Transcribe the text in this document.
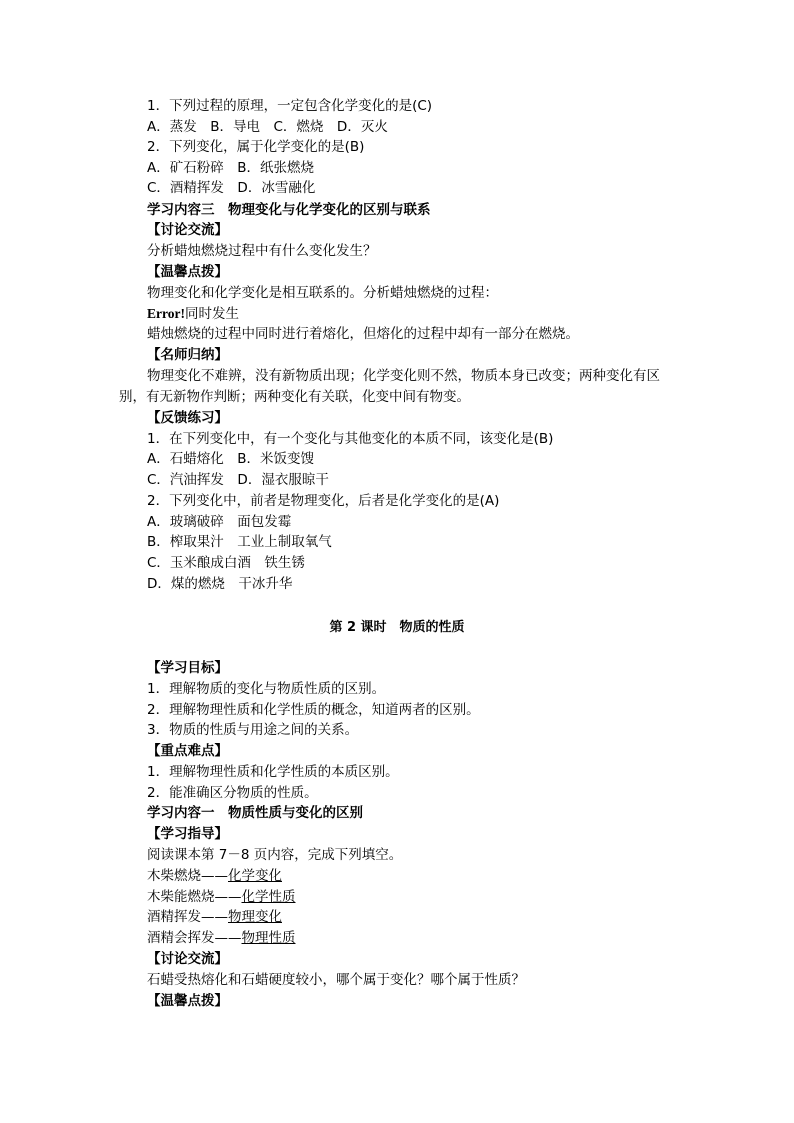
1．下列过程的原理，一定包含化学变化的是(C)
A．蒸发　B．导电　C．燃烧　D．灭火
2．下列变化，属于化学变化的是(B)
A．矿石粉碎　B．纸张燃烧
C．酒精挥发　D．冰雪融化
学习内容三　物理变化与化学变化的区别与联系
【讨论交流】
分析蜡烛燃烧过程中有什么变化发生？
【温馨点拨】
物理变化和化学变化是相互联系的。分析蜡烛燃烧的过程：
Error!同时发生
蜡烛燃烧的过程中同时进行着熔化，但熔化的过程中却有一部分在燃烧。
【名师归纳】
物理变化不难辨，没有新物质出现；化学变化则不然，物质本身已改变；两种变化有区
别，有无新物作判断；两种变化有关联，化变中间有物变。
【反馈练习】
1．在下列变化中，有一个变化与其他变化的本质不同，该变化是(B)
A．石蜡熔化　B．米饭变馊
C．汽油挥发　D．湿衣服晾干
2．下列变化中，前者是物理变化，后者是化学变化的是(A)
A．玻璃破碎　面包发霉
B．榨取果汁　工业上制取氧气
C．玉米酿成白酒　铁生锈
D．煤的燃烧　干冰升华
第 2 课时　物质的性质
【学习目标】
1．理解物质的变化与物质性质的区别。
2．理解物理性质和化学性质的概念，知道两者的区别。
3．物质的性质与用途之间的关系。
【重点难点】
1．理解物理性质和化学性质的本质区别。
2．能准确区分物质的性质。
学习内容一　物质性质与变化的区别
【学习指导】
阅读课本第 7－8 页内容，完成下列填空。
木柴燃烧——化学变化
木柴能燃烧——化学性质
酒精挥发——物理变化
酒精会挥发——物理性质
【讨论交流】
石蜡受热熔化和石蜡硬度较小，哪个属于变化？哪个属于性质？
【温馨点拨】
